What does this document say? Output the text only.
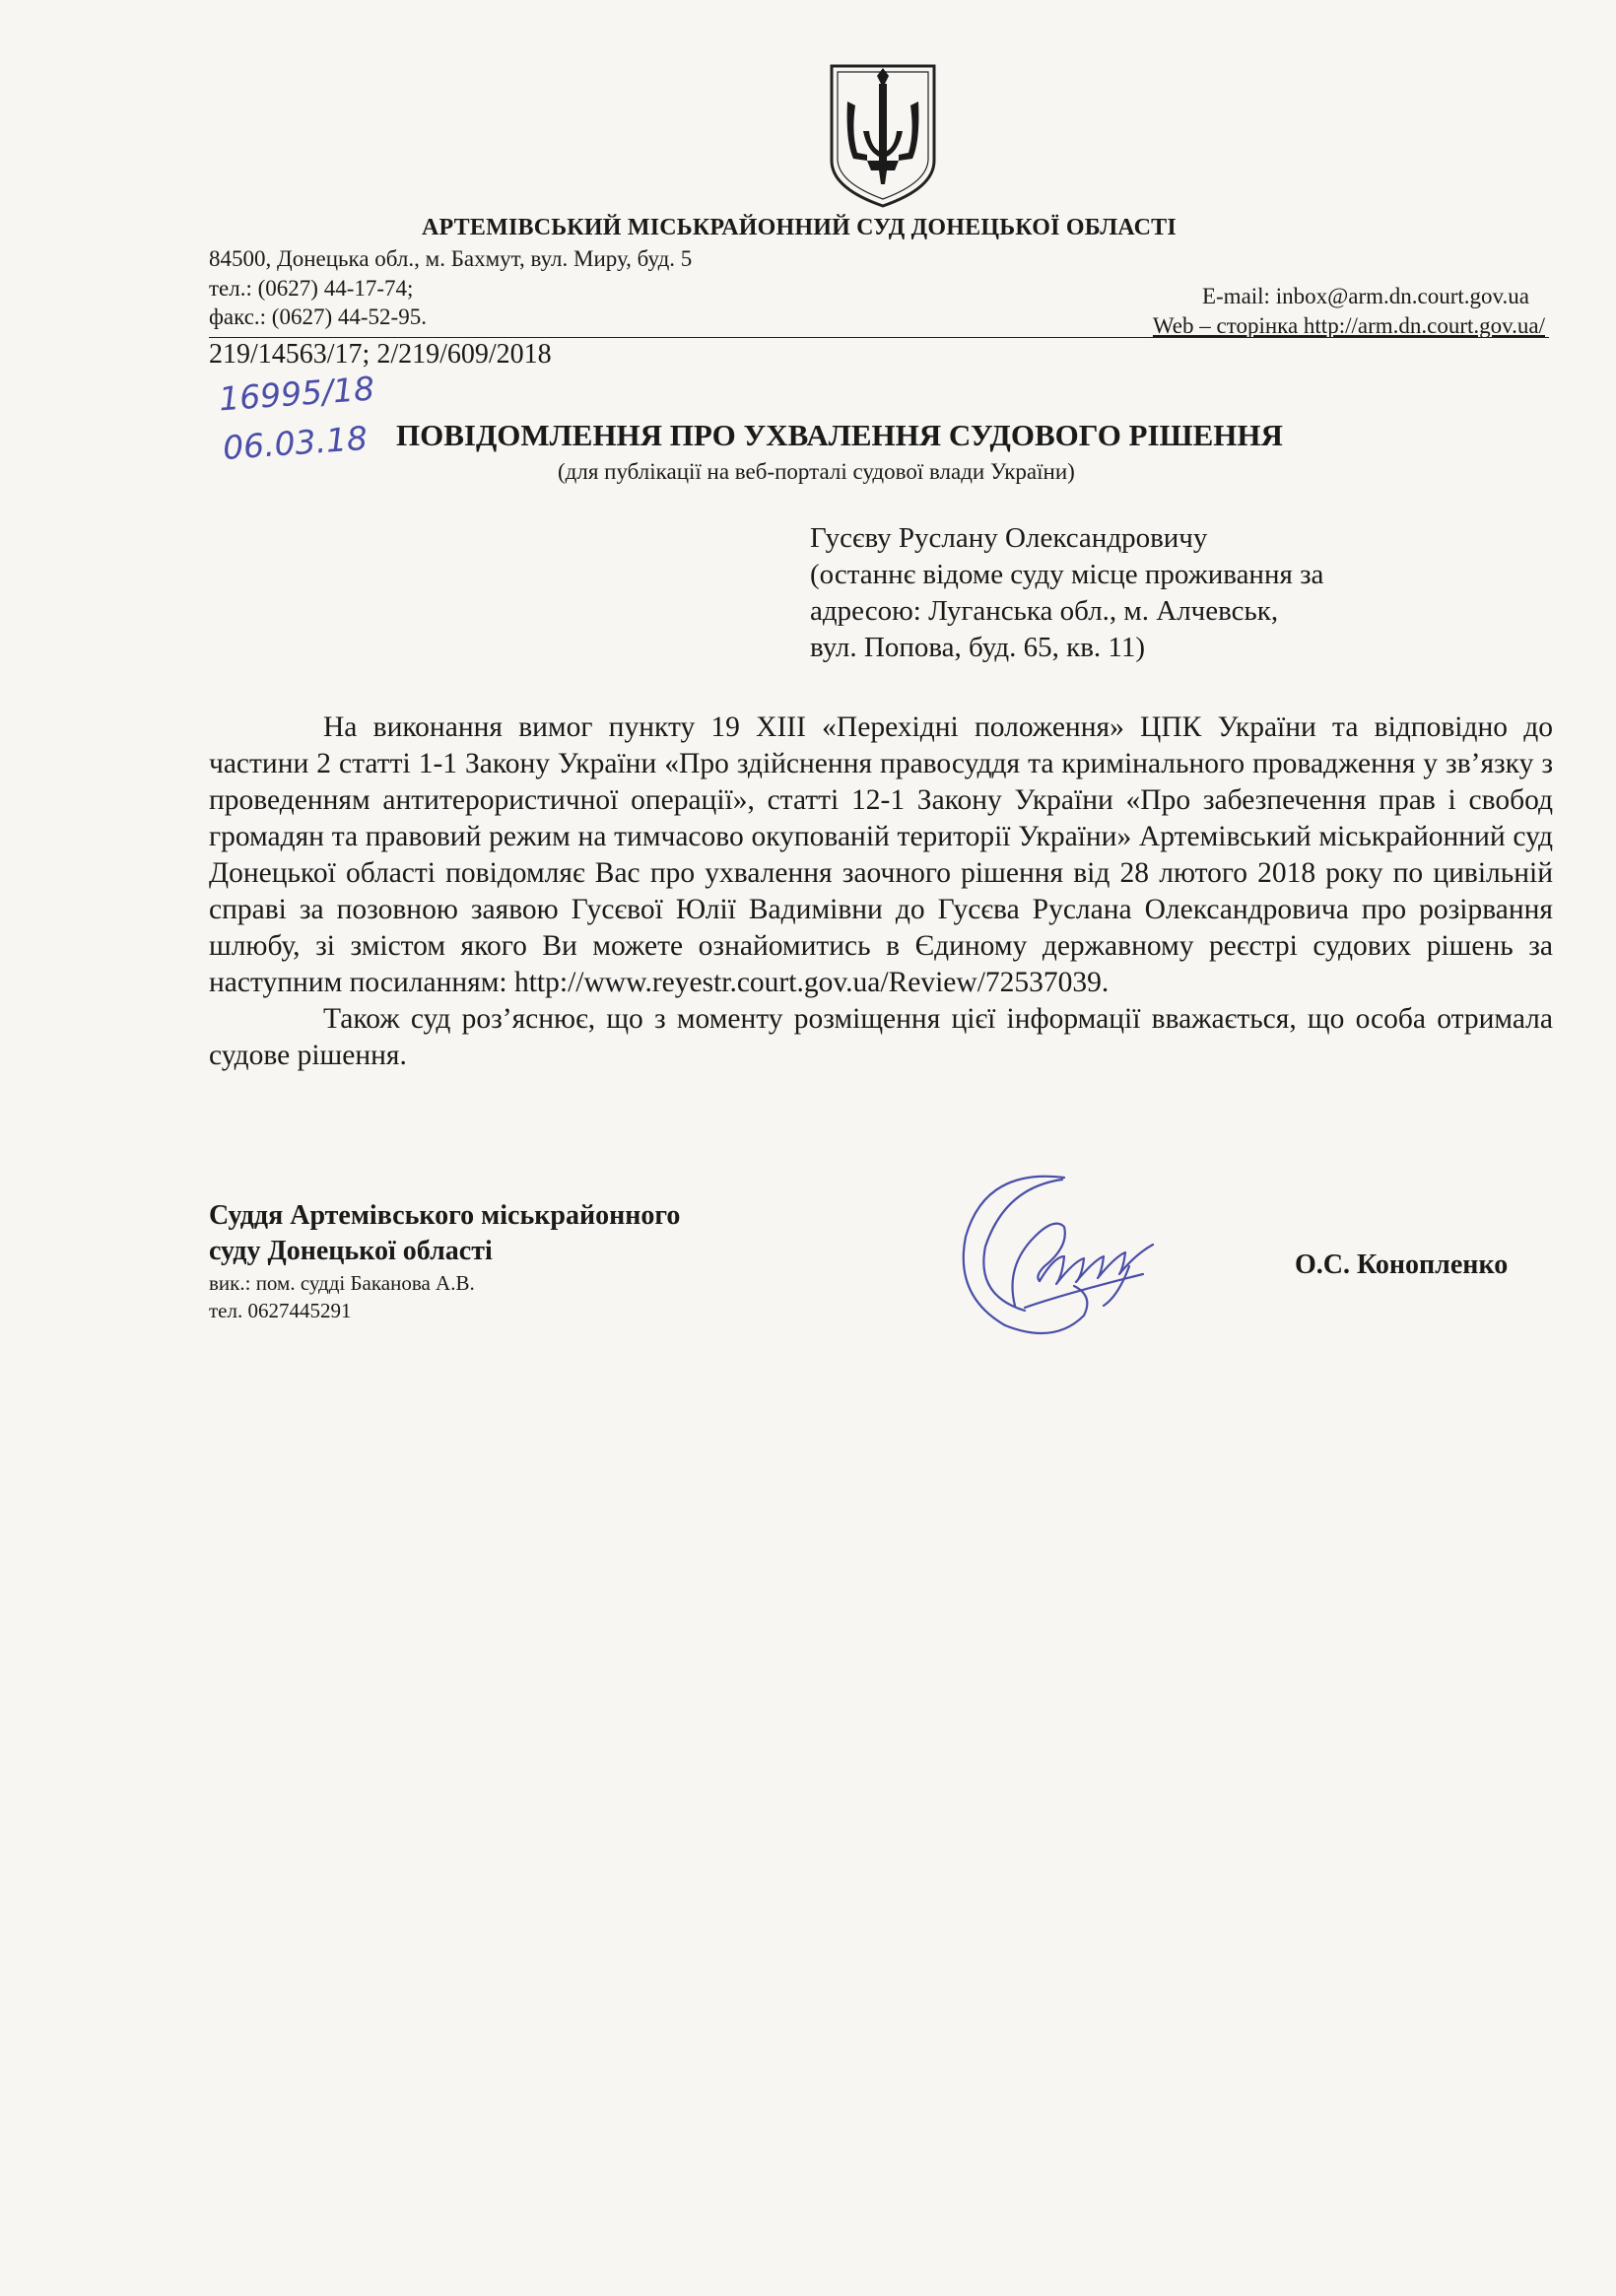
АРТЕМІВСЬКИЙ МІСЬКРАЙОННИЙ СУД ДОНЕЦЬКОЇ ОБЛАСТІ
84500, Донецька обл., м. Бахмут, вул. Миру, буд. 5
тел.: (0627) 44-17-74;
факс.: (0627) 44-52-95.
E-mail: inbox@arm.dn.court.gov.ua
Web – сторінка http://arm.dn.court.gov.ua/
219/14563/17; 2/219/609/2018
16995/18
06.03.18 ПОВІДОМЛЕННЯ ПРО УХВАЛЕННЯ СУДОВОГО РІШЕННЯ
(для публікації на веб-порталі судової влади України)
Гусєву Руслану Олександровичу
(останнє відоме суду місце проживання за
адресою: Луганська обл., м. Алчевськ,
вул. Попова, буд. 65, кв. 11)

На виконання вимог пункту 19 XIII «Перехідні положення» ЦПК України та відповідно до частини 2 статті 1-1 Закону України «Про здійснення правосуддя та кримінального провадження у зв’язку з проведенням антитерористичної операції», статті 12-1 Закону України «Про забезпечення прав і свобод громадян та правовий режим на тимчасово окупованій території України» Артемівський міськрайонний суд Донецької області повідомляє Вас про ухвалення заочного рішення від 28 лютого 2018 року по цивільній справі за позовною заявою Гусєвої Юлії Вадимівни до Гусєва Руслана Олександровича про розірвання шлюбу, зі змістом якого Ви можете ознайомитись в Єдиному державному реєстрі судових рішень за наступним посиланням: http://www.reyestr.court.gov.ua/Review/72537039.

Також суд роз’яснює, що з моменту розміщення цієї інформації вважається, що особа отримала судове рішення.

Суддя Артемівського міськрайонного
суду Донецької області
вик.: пом. судді Баканова А.В.
тел. 0627445291
О.С. Конопленко
